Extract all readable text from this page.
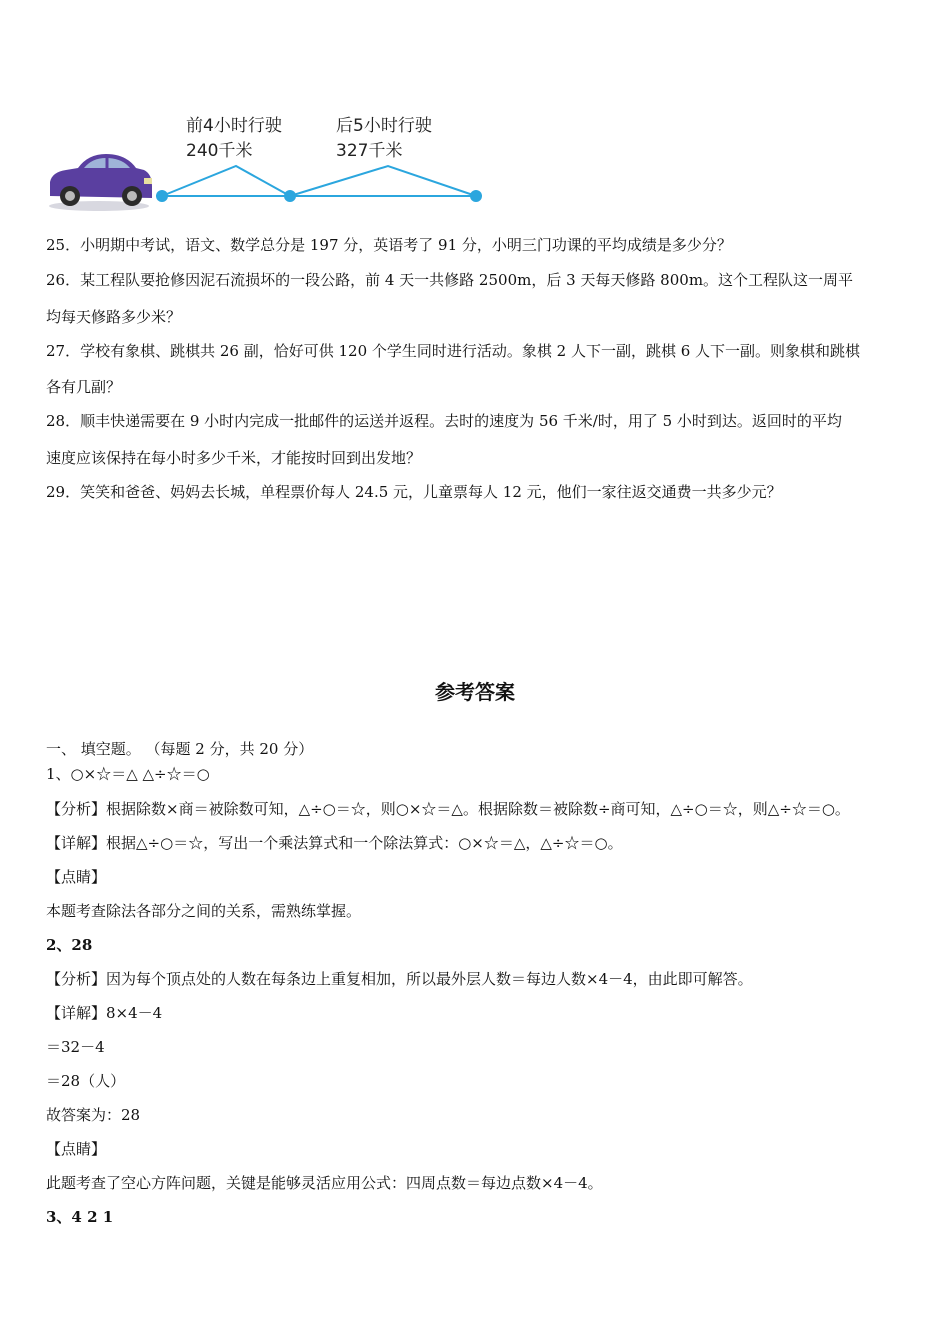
前4小时行驶
240千米
后5小时行驶
327千米
25．小明期中考试，语文、数学总分是 197 分，英语考了 91 分，小明三门功课的平均成绩是多少分？
26．某工程队要抢修因泥石流损坏的一段公路，前 4 天一共修路 2500m，后 3 天每天修路 800m。这个工程队这一周平
均每天修路多少米？
27．学校有象棋、跳棋共 26 副，恰好可供 120 个学生同时进行活动。象棋 2 人下一副，跳棋 6 人下一副。则象棋和跳棋
各有几副？
28．顺丰快递需要在 9 小时内完成一批邮件的运送并返程。去时的速度为 56 千米/时，用了 5 小时到达。返回时的平均
速度应该保持在每小时多少千米，才能按时回到出发地？
29．笑笑和爸爸、妈妈去长城，单程票价每人 24.5 元，儿童票每人 12 元，他们一家往返交通费一共多少元？
参考答案
一、 填空题。 （每题 2 分，共 20 分）
1、○×☆＝△ △÷☆＝○
【分析】根据除数×商＝被除数可知，△÷○＝☆，则○×☆＝△。根据除数＝被除数÷商可知，△÷○＝☆，则△÷☆＝○。
【详解】根据△÷○＝☆，写出一个乘法算式和一个除法算式：○×☆＝△，△÷☆＝○。
【点睛】
本题考查除法各部分之间的关系，需熟练掌握。
2、28
【分析】因为每个顶点处的人数在每条边上重复相加，所以最外层人数＝每边人数×4－4，由此即可解答。
【详解】8×4－4
＝32－4
＝28（人）
故答案为：28
【点睛】
此题考查了空心方阵问题，关键是能够灵活应用公式：四周点数＝每边点数×4－4。
3、4 2 1
